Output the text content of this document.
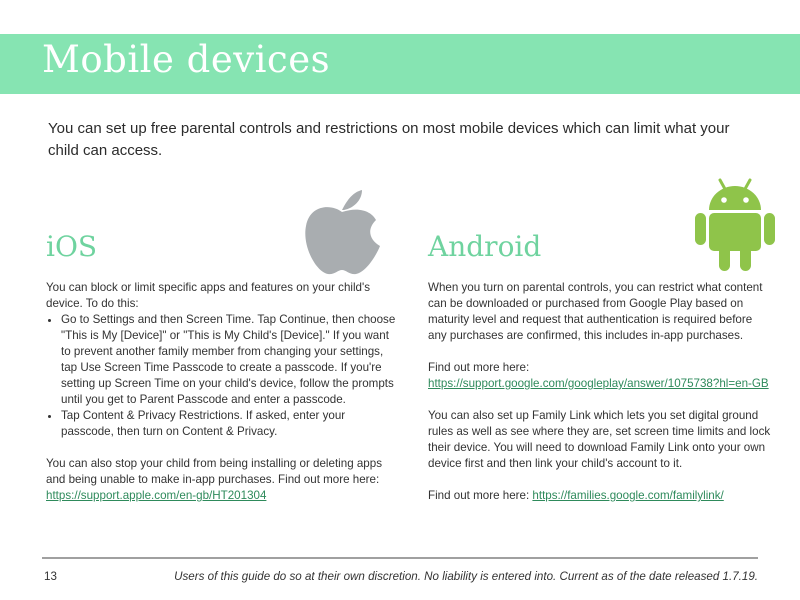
Mobile devices

You can set up free parental controls and restrictions on most mobile devices which can limit what your child can access.

iOS

You can block or limit specific apps and features on your child's device. To do this:

• Go to Settings and then Screen Time. Tap Continue, then choose "This is My [Device]" or "This is My Child's [Device]." If you want to prevent another family member from changing your settings, tap Use Screen Time Passcode to create a passcode. If you're setting up Screen Time on your child's device, follow the prompts until you get to Parent Passcode and enter a passcode.
• Tap Content & Privacy Restrictions. If asked, enter your passcode, then turn on Content & Privacy.

You can also stop your child from being installing or deleting apps and being unable to make in-app purchases. Find out more here: https://support.apple.com/en-gb/HT201304

Android

When you turn on parental controls, you can restrict what content can be downloaded or purchased from Google Play based on maturity level and request that authentication is required before any purchases are confirmed, this includes in-app purchases.

Find out more here: https://support.google.com/googleplay/answer/1075738?hl=en-GB

You can also set up Family Link which lets you set digital ground rules as well as see where they are, set screen time limits and lock their device. You will need to download Family Link onto your own device first and then link your child's account to it.

Find out more here: https://families.google.com/familylink/

13	Users of this guide do so at their own discretion. No liability is entered into. Current as of the date released 1.7.19.
